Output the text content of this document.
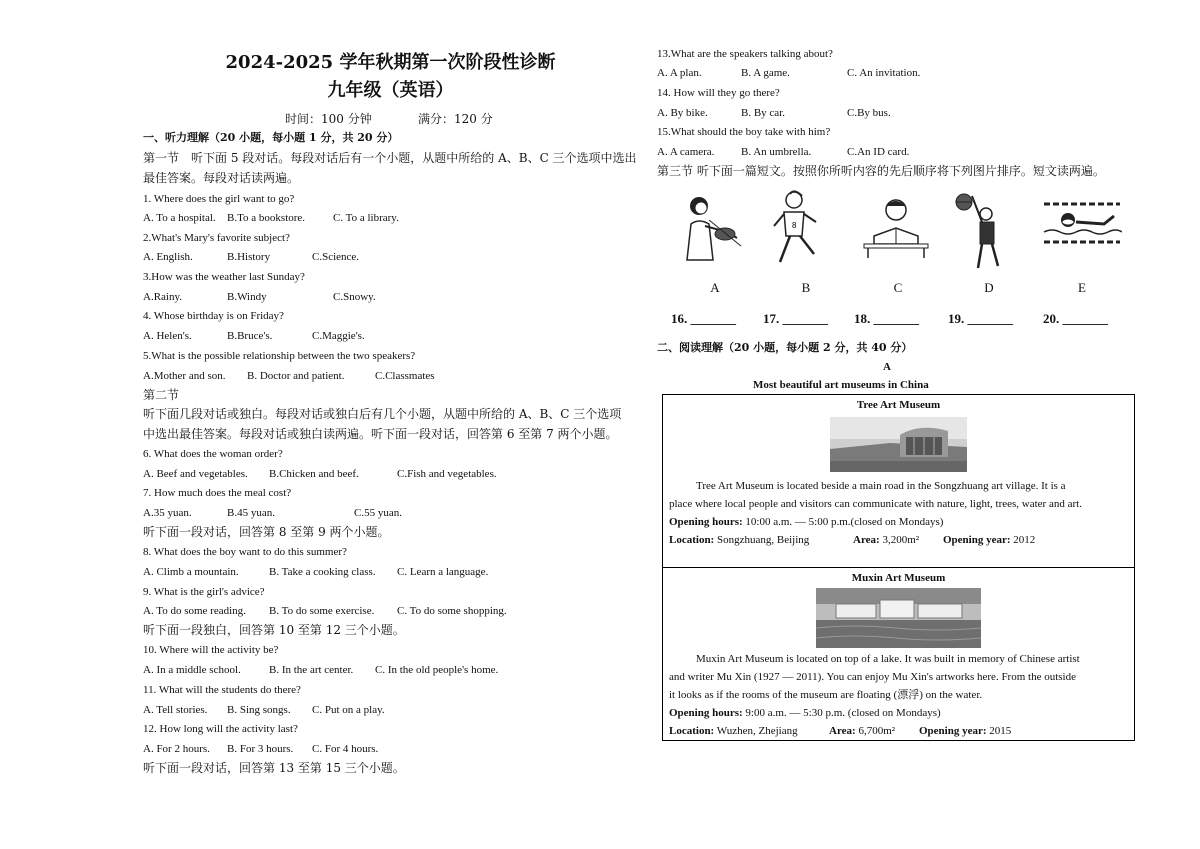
2024-2025 学年秋期第一次阶段性诊断
九年级（英语）
时间：100 分钟	满分：120 分
一、听力理解（20 小题，每小题 1 分，共 20 分）
第一节　听下面 5 段对话。每段对话后有一个小题，从题中所给的 A、B、C 三个选项中选出
最佳答案。每段对话读两遍。
1. Where does the girl want to go?
A. To a hospital. B.To a bookstore.	C. To a library.
2.What's Mary's favorite subject?
A. English.	B.History	C.Science.
3.How was the weather last Sunday?
A.Rainy.	B.Windy	C.Snowy.
4. Whose birthday is on Friday?
A. Helen's.	B.Bruce's.	C.Maggie's.
5.What is the possible relationship between the two speakers?
A.Mother and son. B. Doctor and patient.	C.Classmates
第二节
听下面几段对话或独白。每段对话或独白后有几个小题，从题中所给的 A、B、C 三个选项
中选出最佳答案。每段对话或独白读两遍。听下面一段对话，回答第 6 至第 7 两个小题。
6. What does the woman order?
A. Beef and vegetables. B.Chicken and beef.	C.Fish and vegetables.
7. How much does the meal cost?
A.35 yuan.	B.45 yuan.	C.55 yuan.
听下面一段对话，回答第 8 至第 9 两个小题。
8. What does the boy want to do this summer?
A. Climb a mountain.	B. Take a cooking class. C. Learn a language.
9. What is the girl's advice?
A. To do some reading. B. To do some exercise. C. To do some shopping.
听下面一段独白，回答第 10 至第 12 三个小题。
10. Where will the activity be?
A. In a middle school.	B. In the art center. C. In the old people's home.
11. What will the students do there?
A. Tell stories. B. Sing songs. C. Put on a play.
12. How long will the activity last?
A. For 2 hours. B. For 3 hours. C. For 4 hours.
听下面一段对话，回答第 13 至第 15 三个小题。
13.What are the speakers talking about?
A. A plan.	B. A game.	C. An invitation.
14. How will they go there?
A. By bike.	B. By car.	C.By bus.
15.What should the boy take with him?
A. A camera. B. An umbrella.	C.An ID card.
第三节 听下面一篇短文。按照你所听内容的先后顺序将下列图片排序。短文读两遍。
8
A	B	C	D	E
16. _______ 17. _______ 18. _______ 19. _______ 20. _______
二、阅读理解（20 小题，每小题 2 分，共 40 分）
A
Most beautiful art museums in China
Tree Art Museum
Tree Art Museum is located beside a main road in the Songzhuang art village. It is a
place where local people and visitors can communicate with nature, light, trees, water and art.
Opening hours: 10:00 a.m. — 5:00 p.m.(closed on Mondays)
Location: Songzhuang, Beijing	Area: 3,200m² Opening year: 2012
Muxin Art Museum
Muxin Art Museum is located on top of a lake. It was built in memory of Chinese artist
and writer Mu Xin (1927 — 2011). You can enjoy Mu Xin's artworks here. From the outside
it looks as if the rooms of the museum are floating (漂浮) on the water.
Opening hours: 9:00 a.m. — 5:30 p.m. (closed on Mondays)
Location: Wuzhen, Zhejiang	Area: 6,700m² Opening year: 2015
